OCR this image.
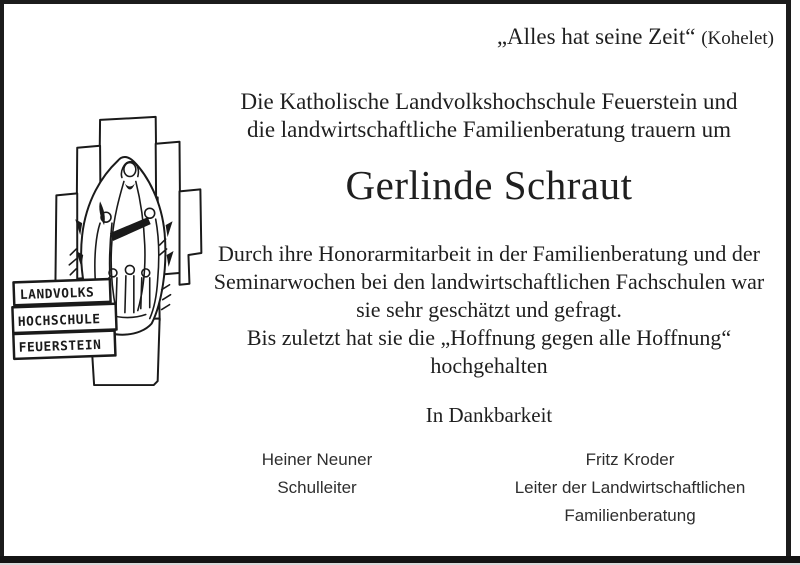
„Alles hat seine Zeit“ (Kohelet)
LANDVOLKS
HOCHSCHULE
FEUERSTEIN
Die Katholische Landvolkshochschule Feuerstein und
die landwirtschaftliche Familienberatung trauern um
Gerlinde Schraut
Durch ihre Honorarmitarbeit in der Familienberatung und der
Seminarwochen bei den landwirtschaftlichen Fachschulen war
sie sehr geschätzt und gefragt.
Bis zuletzt hat sie die „Hoffnung gegen alle Hoffnung“
hochgehalten
In Dankbarkeit
Heiner Neuner
Schulleiter
Fritz Kroder
Leiter der Landwirtschaftlichen
Familienberatung
